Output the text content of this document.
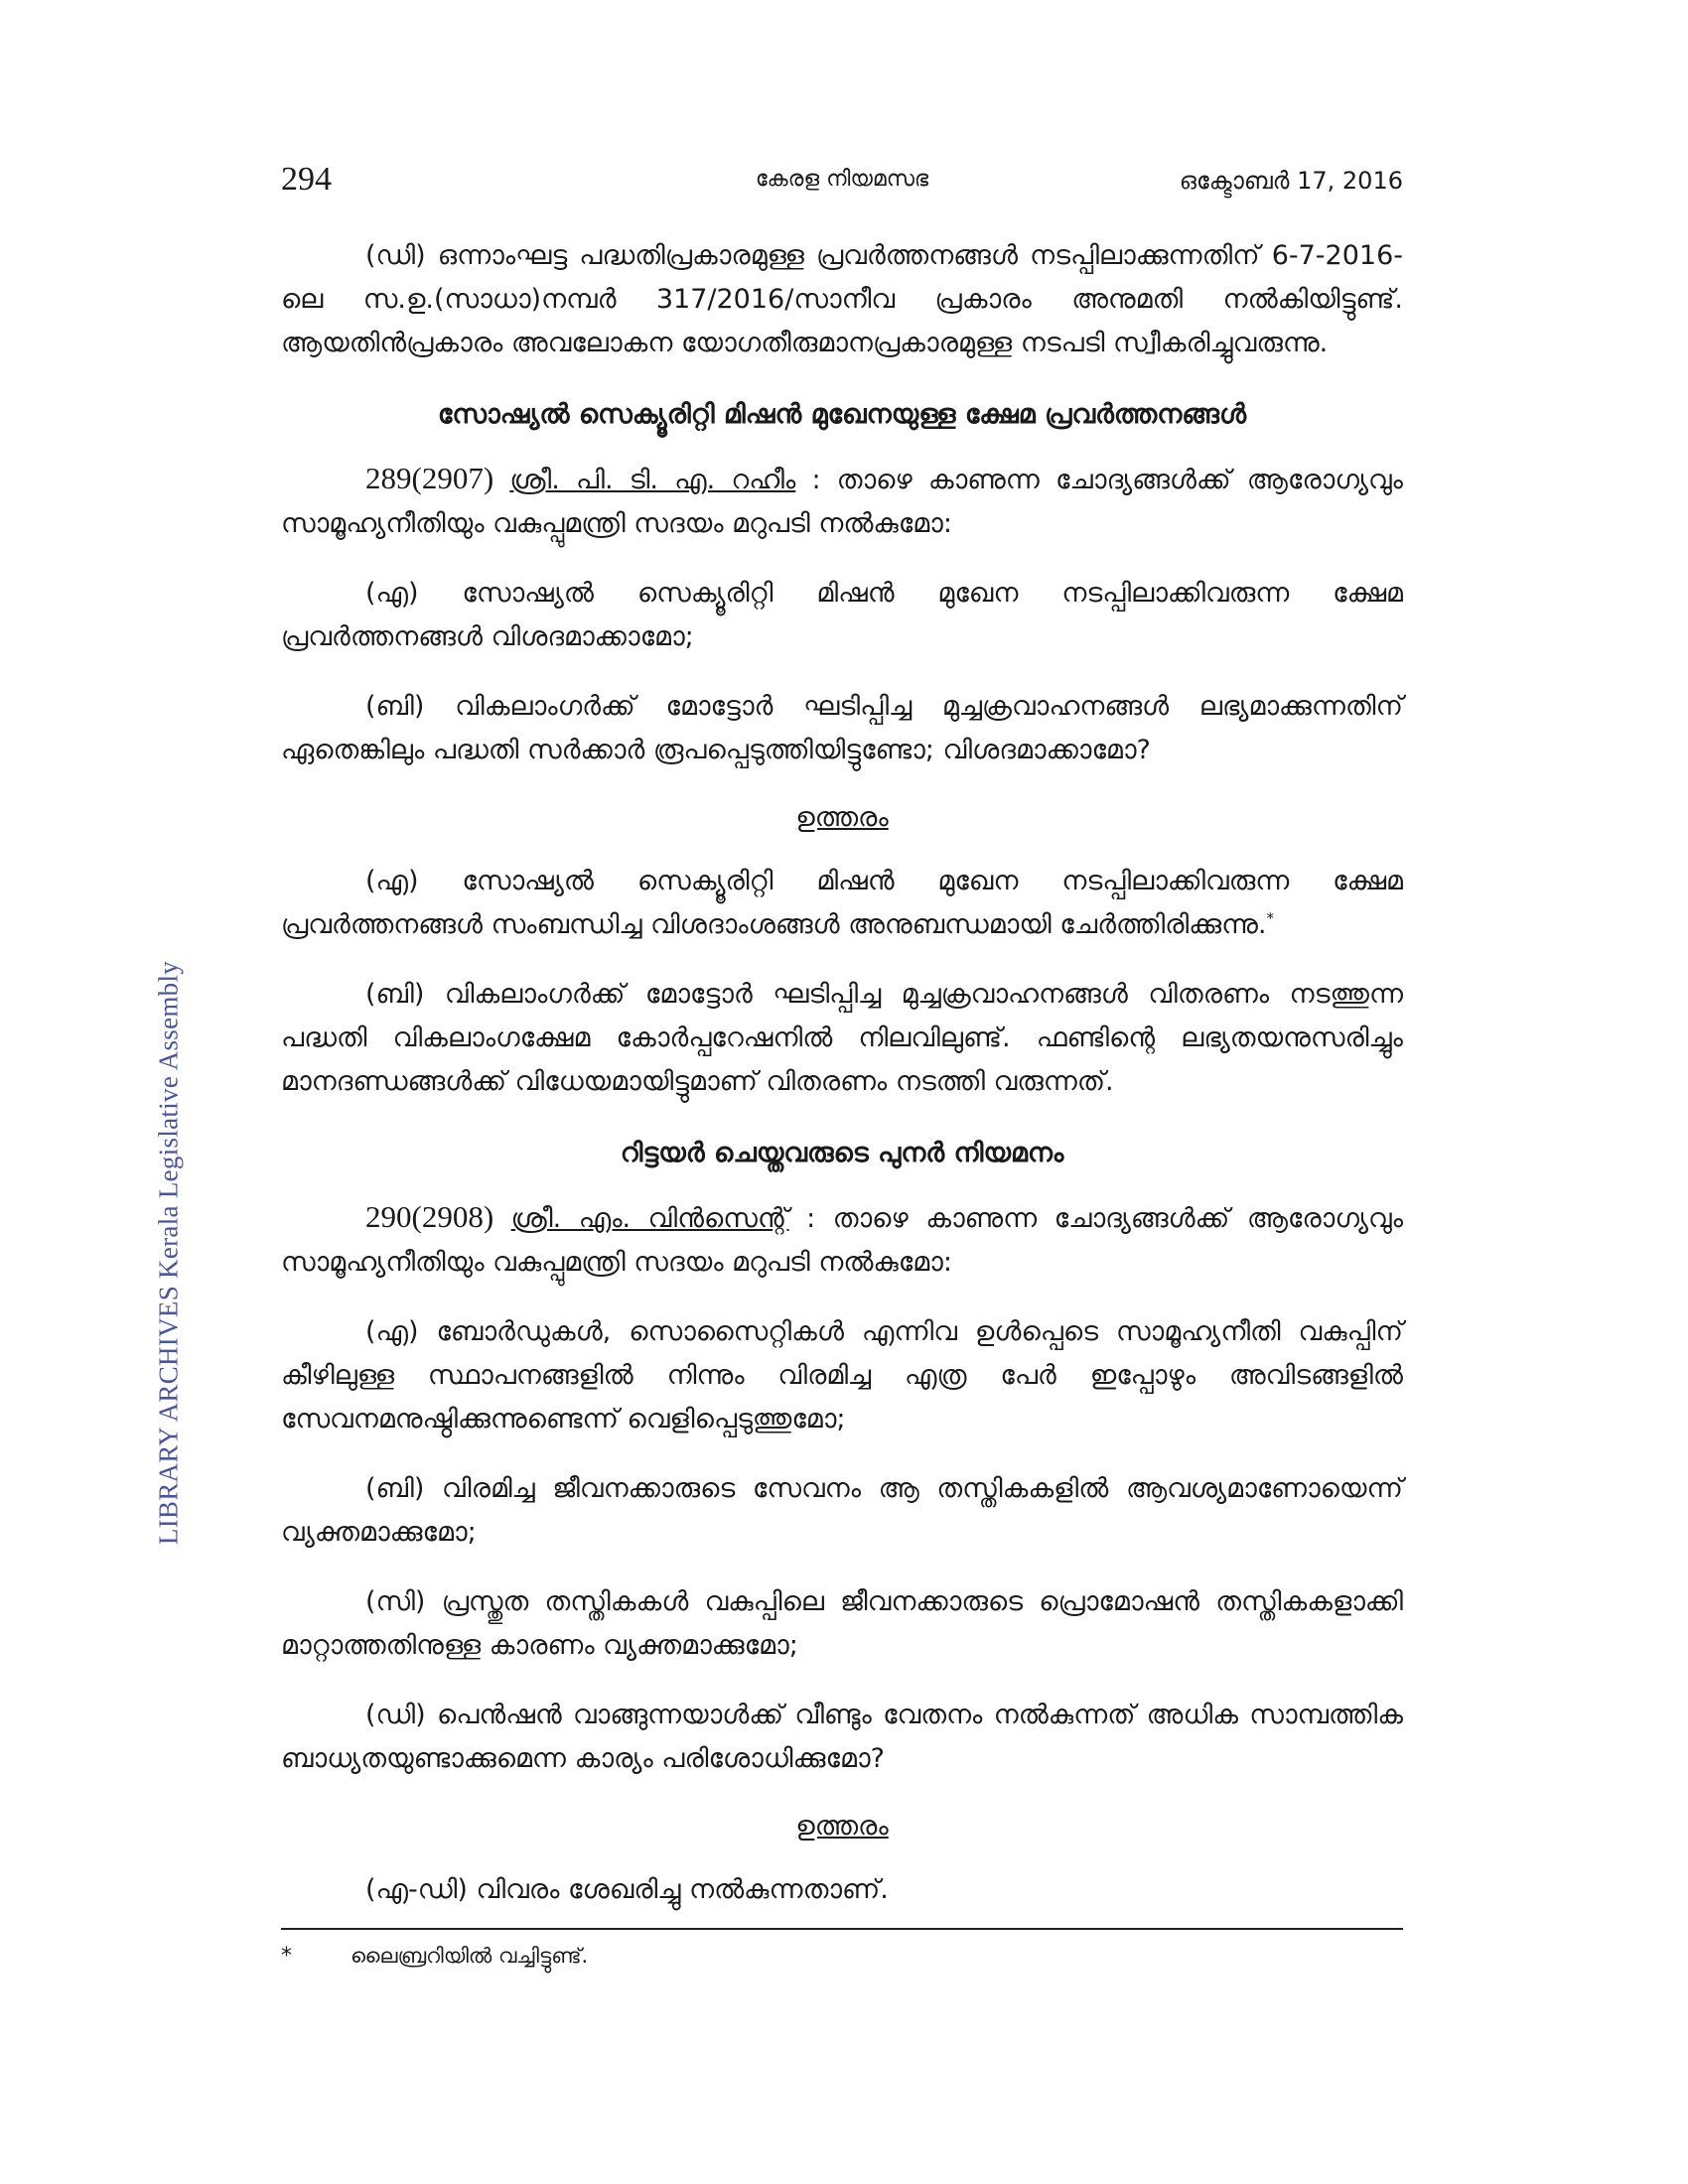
LIBRARY ARCHIVES Kerala Legislative Assembly
294	കേരള നിയമസഭ	ഒക്ടോബർ 17, 2016

(ഡി) ഒന്നാംഘട്ട പദ്ധതിപ്രകാരമുള്ള പ്രവർത്തനങ്ങൾ നടപ്പിലാക്കുന്നതിന് 6-7-2016-ലെ സ.ഉ.(സാധാ)നമ്പർ 317/2016/സാനീവ പ്രകാരം അനുമതി നൽകിയിട്ടുണ്ട്. ആയതിൻപ്രകാരം അവലോകന യോഗതീരുമാനപ്രകാരമുള്ള നടപടി സ്വീകരിച്ചുവരുന്നു.

സോഷ്യൽ സെക്യൂരിറ്റി മിഷൻ മുഖേനയുള്ള ക്ഷേമ പ്രവർത്തനങ്ങൾ

289(2907) ശ്രീ. പി. ടി. എ. റഹീം : താഴെ കാണുന്ന ചോദ്യങ്ങൾക്ക് ആരോഗ്യവും സാമൂഹ്യനീതിയും വകുപ്പുമന്ത്രി സദയം മറുപടി നൽകുമോ:

(എ) സോഷ്യൽ സെക്യൂരിറ്റി മിഷൻ മുഖേന നടപ്പിലാക്കിവരുന്ന ക്ഷേമ പ്രവർത്തനങ്ങൾ വിശദമാക്കാമോ;

(ബി) വികലാംഗർക്ക് മോട്ടോർ ഘടിപ്പിച്ച മുച്ചക്രവാഹനങ്ങൾ ലഭ്യമാക്കുന്നതിന് ഏതെങ്കിലും പദ്ധതി സർക്കാർ രൂപപ്പെടുത്തിയിട്ടുണ്ടോ; വിശദമാക്കാമോ?

ഉത്തരം

(എ) സോഷ്യൽ സെക്യൂരിറ്റി മിഷൻ മുഖേന നടപ്പിലാക്കിവരുന്ന ക്ഷേമ പ്രവർത്തനങ്ങൾ സംബന്ധിച്ച വിശദാംശങ്ങൾ അനുബന്ധമായി ചേർത്തിരിക്കുന്നു.*

(ബി) വികലാംഗർക്ക് മോട്ടോർ ഘടിപ്പിച്ച മുച്ചക്രവാഹനങ്ങൾ വിതരണം നടത്തുന്ന പദ്ധതി വികലാംഗക്ഷേമ കോർപ്പറേഷനിൽ നിലവിലുണ്ട്. ഫണ്ടിന്റെ ലഭ്യതയനുസരിച്ചും മാനദണ്ഡങ്ങൾക്ക് വിധേയമായിട്ടുമാണ് വിതരണം നടത്തി വരുന്നത്.

റിട്ടയർ ചെയ്തവരുടെ പുനർ നിയമനം

290(2908) ശ്രീ. എം. വിൻസെന്റ് : താഴെ കാണുന്ന ചോദ്യങ്ങൾക്ക് ആരോഗ്യവും സാമൂഹ്യനീതിയും വകുപ്പുമന്ത്രി സദയം മറുപടി നൽകുമോ:

(എ) ബോർഡുകൾ, സൊസൈറ്റികൾ എന്നിവ ഉൾപ്പെടെ സാമൂഹ്യനീതി വകുപ്പിന് കീഴിലുള്ള സ്ഥാപനങ്ങളിൽ നിന്നും വിരമിച്ച എത്ര പേർ ഇപ്പോഴും അവിടങ്ങളിൽ സേവനമനുഷ്ഠിക്കുന്നുണ്ടെന്ന് വെളിപ്പെടുത്തുമോ;

(ബി) വിരമിച്ച ജീവനക്കാരുടെ സേവനം ആ തസ്തികകളിൽ ആവശ്യമാണോയെന്ന് വ്യക്തമാക്കുമോ;

(സി) പ്രസ്തുത തസ്തികകൾ വകുപ്പിലെ ജീവനക്കാരുടെ പ്രൊമോഷൻ തസ്തികകളാക്കി മാറ്റാത്തതിനുള്ള കാരണം വ്യക്തമാക്കുമോ;

(ഡി) പെൻഷൻ വാങ്ങുന്നയാൾക്ക് വീണ്ടും വേതനം നൽകുന്നത് അധിക സാമ്പത്തിക ബാധ്യതയുണ്ടാക്കുമെന്ന കാര്യം പരിശോധിക്കുമോ?

ഉത്തരം

(എ-ഡി) വിവരം ശേഖരിച്ചു നൽകുന്നതാണ്.

*	ലൈബ്രറിയിൽ വച്ചിട്ടുണ്ട്.
